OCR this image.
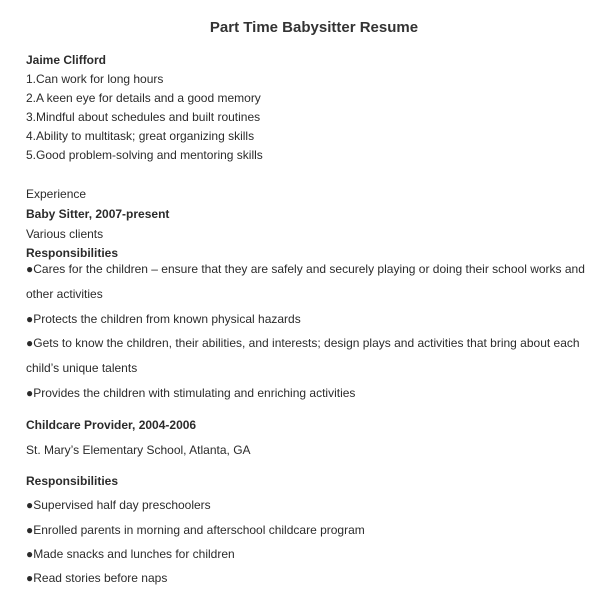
Part Time Babysitter Resume
Jaime Clifford
1.Can work for long hours
2.A keen eye for details and a good memory
3.Mindful about schedules and built routines
4.Ability to multitask; great organizing skills
5.Good problem-solving and mentoring skills
Experience
Baby Sitter, 2007-present
Various clients
Responsibilities
●Cares for the children – ensure that they are safely and securely playing or doing their school works and other activities
●Protects the children from known physical hazards
●Gets to know the children, their abilities, and interests; design plays and activities that bring about each child’s unique talents
●Provides the children with stimulating and enriching activities
Childcare Provider, 2004-2006
St. Mary’s Elementary School, Atlanta, GA
Responsibilities
●Supervised half day preschoolers
●Enrolled parents in morning and afterschool childcare program
●Made snacks and lunches for children
●Read stories before naps
